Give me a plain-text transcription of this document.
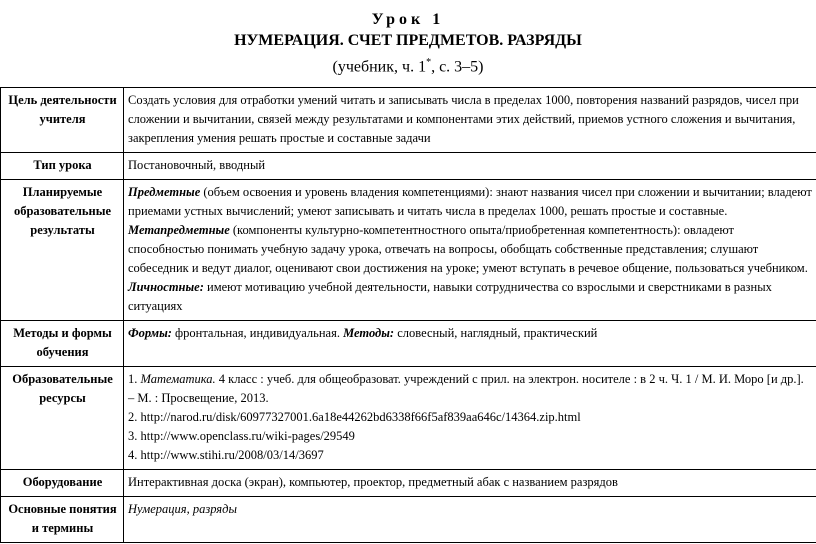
Урок 1
НУМЕРАЦИЯ. СЧЕТ ПРЕДМЕТОВ. РАЗРЯДЫ
(учебник, ч. 1*, с. 3–5)
Цель деятельности учителя	Создать условия для отработки умений читать и записывать числа в пределах 1000, повторения названий разрядов, чисел при сложении и вычитании, связей между результатами и компонентами этих действий, приемов устного сложения и вычитания, закрепления умения решать простые и составные задачи
Тип урока	Постановочный, вводный
Планируемые образовательные результаты	Предметные (объем освоения и уровень владения компетенциями): знают названия чисел при сложении и вычитании; владеют приемами устных вычислений; умеют записывать и читать числа в пределах 1000, решать простые и составные.
Метапредметные (компоненты культурно-компетентностного опыта/приобретенная компетентность): овладеют способностью понимать учебную задачу урока, отвечать на вопросы, обобщать собственные представления; слушают собеседник и ведут диалог, оценивают свои достижения на уроке; умеют вступать в речевое общение, пользоваться учебником.
Личностные: имеют мотивацию учебной деятельности, навыки сотрудничества со взрослыми и сверстниками в разных ситуациях
Методы и формы обучения	Формы: фронтальная, индивидуальная. Методы: словесный, наглядный, практический
Образовательные ресурсы	1. Математика. 4 класс : учеб. для общеобразоват. учреждений с прил. на электрон. носителе : в 2 ч. Ч. 1 / М. И. Моро [и др.]. – М. : Просвещение, 2013.
2. http://narod.ru/disk/60977327001.6a18e44262bd6338f66f5af839aa646c/14364.zip.html
3. http://www.openclass.ru/wiki-pages/29549
4. http://www.stihi.ru/2008/03/14/3697
Оборудование	Интерактивная доска (экран), компьютер, проектор, предметный абак с названием разрядов
Основные понятия и термины	Нумерация, разряды
